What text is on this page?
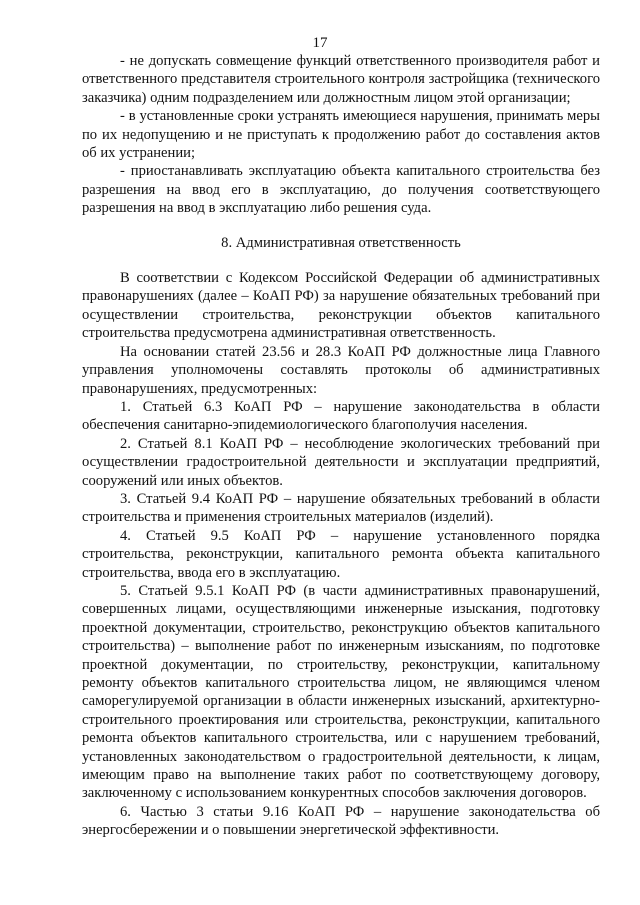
17

- не допускать совмещение функций ответственного производителя работ и ответственного представителя строительного контроля застройщика (технического заказчика) одним подразделением или должностным лицом этой организации;

- в установленные сроки устранять имеющиеся нарушения, принимать меры по их недопущению и не приступать к продолжению работ до составления актов об их устранении;

- приостанавливать эксплуатацию объекта капитального строительства без разрешения на ввод его в эксплуатацию, до получения соответствующего разрешения на ввод в эксплуатацию либо решения суда.

8. Административная ответственность

В соответствии с Кодексом Российской Федерации об административных правонарушениях (далее – КоАП РФ) за нарушение обязательных требований при осуществлении строительства, реконструкции объектов капитального строительства предусмотрена административная ответственность.

На основании статей 23.56 и 28.3 КоАП РФ должностные лица Главного управления уполномочены составлять протоколы об административных правонарушениях, предусмотренных:

1. Статьей 6.3 КоАП РФ – нарушение законодательства в области обеспечения санитарно-эпидемиологического благополучия населения.

2. Статьей 8.1 КоАП РФ – несоблюдение экологических требований при осуществлении градостроительной деятельности и эксплуатации предприятий, сооружений или иных объектов.

3. Статьей 9.4 КоАП РФ – нарушение обязательных требований в области строительства и применения строительных материалов (изделий).

4. Статьей 9.5 КоАП РФ – нарушение установленного порядка строительства, реконструкции, капитального ремонта объекта капитального строительства, ввода его в эксплуатацию.

5. Статьей 9.5.1 КоАП РФ (в части административных правонарушений, совершенных лицами, осуществляющими инженерные изыскания, подготовку проектной документации, строительство, реконструкцию объектов капитального строительства) – выполнение работ по инженерным изысканиям, по подготовке проектной документации, по строительству, реконструкции, капитальному ремонту объектов капитального строительства лицом, не являющимся членом саморегулируемой организации в области инженерных изысканий, архитектурно-строительного проектирования или строительства, реконструкции, капитального ремонта объектов капитального строительства, или с нарушением требований, установленных законодательством о градостроительной деятельности, к лицам, имеющим право на выполнение таких работ по соответствующему договору, заключенному с использованием конкурентных способов заключения договоров.

6. Частью 3 статьи 9.16 КоАП РФ – нарушение законодательства об энергосбережении и о повышении энергетической эффективности.
